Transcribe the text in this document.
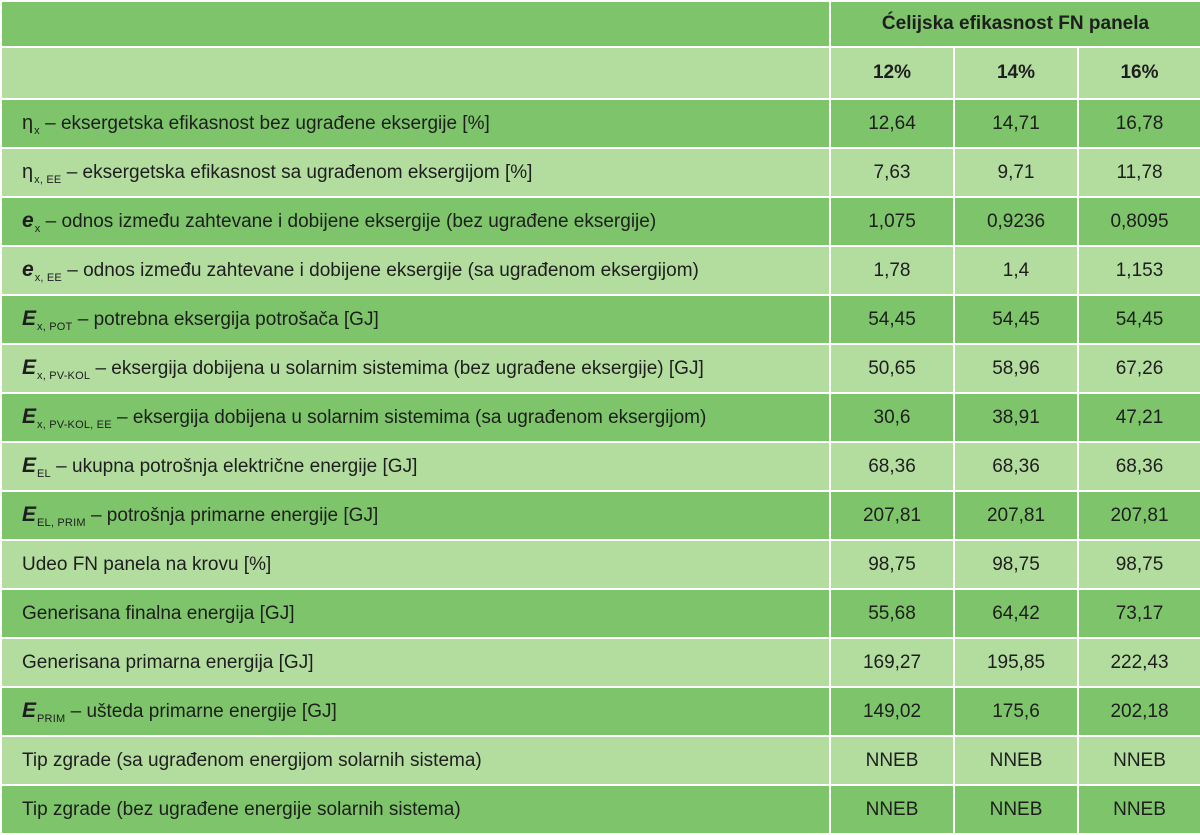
	Ćelijska efikasnost FN panela		
	12%	14%	16%
$\eta_x$ – eksergetska efikasnost bez ugrađene eksergije [%]	12,64	14,71	16,78
$\eta_{x, EE}$ – eksergetska efikasnost sa ugrađenom eksergijom [%]	7,63	9,71	11,78
$e_x$ – odnos između zahtevane i dobijene eksergije (bez ugrađene eksergije)	1,075	0,9236	0,8095
$e_{x, EE}$ – odnos između zahtevane i dobijene eksergije (sa ugrađenom eksergijom)	1,78	1,4	1,153
$E_{x, POT}$ – potrebna eksergija potrošača [GJ]	54,45	54,45	54,45
$E_{x, PV-KOL}$ – eksergija dobijena u solarnim sistemima (bez ugrađene eksergije) [GJ]	50,65	58,96	67,26
$E_{x, PV-KOL, EE}$ – eksergija dobijena u solarnim sistemima (sa ugrađenom eksergijom)	30,6	38,91	47,21
$E_{EL}$ – ukupna potrošnja električne energije [GJ]	68,36	68,36	68,36
$E_{EL, PRIM}$ – potrošnja primarne energije [GJ]	207,81	207,81	207,81
Udeo FN panela na krovu [%]	98,75	98,75	98,75
Generisana finalna energija [GJ]	55,68	64,42	73,17
Generisana primarna energija [GJ]	169,27	195,85	222,43
$E_{PRIM}$ – ušteda primarne energije [GJ]	149,02	175,6	202,18
Tip zgrade (sa ugrađenom energijom solarnih sistema)	NNEB	NNEB	NNEB
Tip zgrade (bez ugrađene energije solarnih sistema)	NNEB	NNEB	NNEB
